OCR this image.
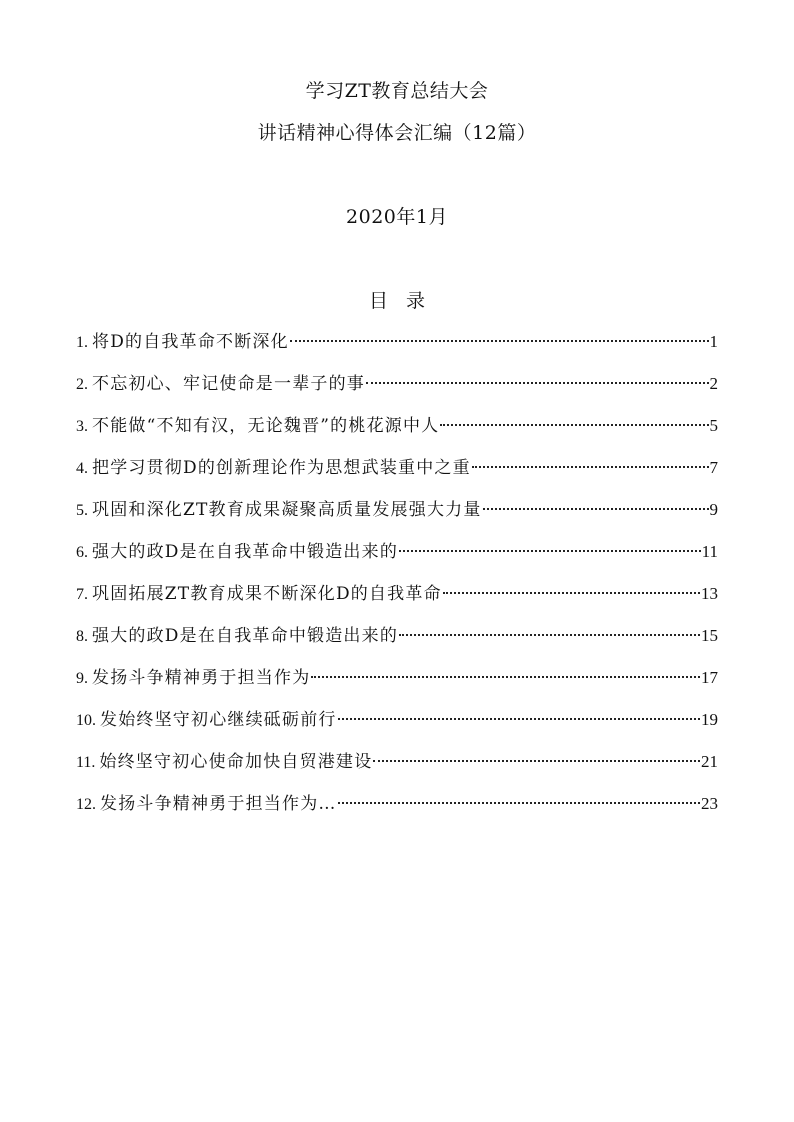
学习ZT教育总结大会
讲话精神心得体会汇编（12篇）
2020年1月
目录
1. 将D的自我革命不断深化	1
2. 不忘初心、牢记使命是一辈子的事	2
3. 不能做“不知有汉，无论魏晋”的桃花源中人	5
4. 把学习贯彻D的创新理论作为思想武装重中之重	7
5. 巩固和深化ZT教育成果凝聚高质量发展强大力量	9
6. 强大的政D是在自我革命中锻造出来的	11
7. 巩固拓展ZT教育成果不断深化D的自我革命	13
8. 强大的政D是在自我革命中锻造出来的	15
9. 发扬斗争精神勇于担当作为	17
10. 发始终坚守初心继续砥砺前行	19
11. 始终坚守初心使命加快自贸港建设	21
12. 发扬斗争精神勇于担当作为…	23
